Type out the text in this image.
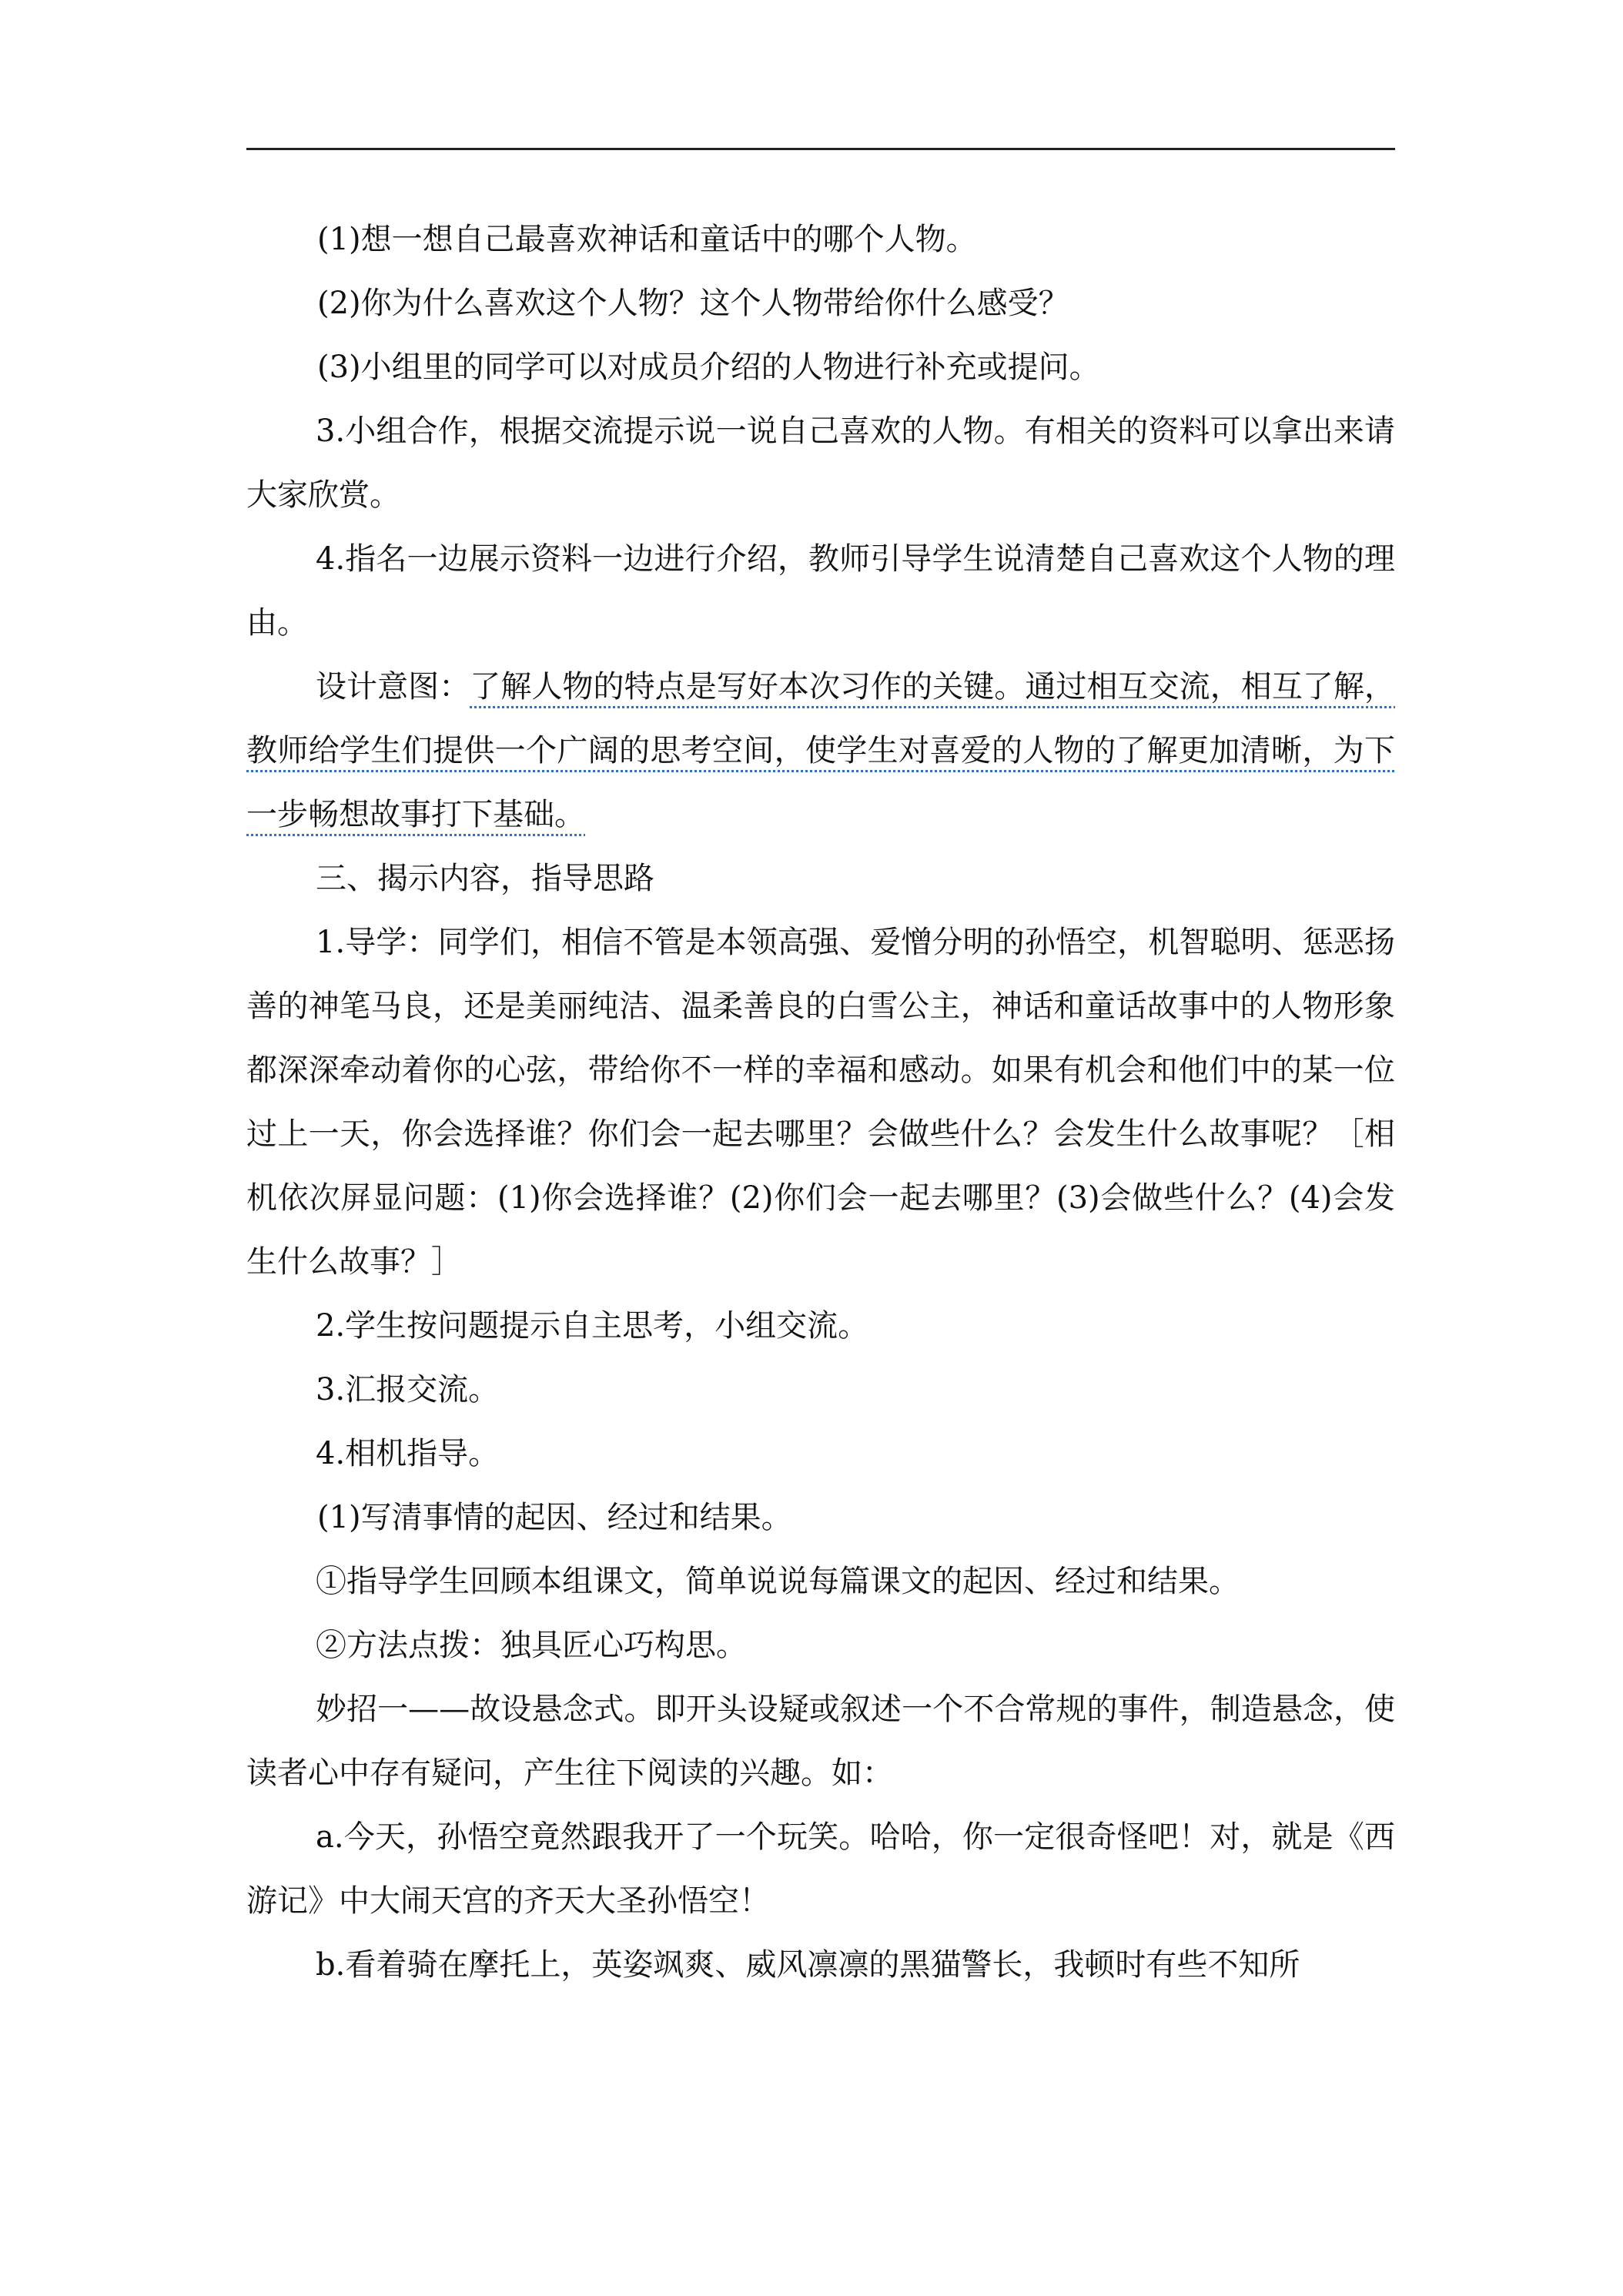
(1)想一想自己最喜欢神话和童话中的哪个人物。

(2)你为什么喜欢这个人物？这个人物带给你什么感受？

(3)小组里的同学可以对成员介绍的人物进行补充或提问。

3.小组合作，根据交流提示说一说自己喜欢的人物。有相关的资料可以拿出来请大家欣赏。

4.指名一边展示资料一边进行介绍，教师引导学生说清楚自己喜欢这个人物的理由。

设计意图：了解人物的特点是写好本次习作的关键。通过相互交流，相互了解，教师给学生们提供一个广阔的思考空间，使学生对喜爱的人物的了解更加清晰，为下一步畅想故事打下基础。

三、揭示内容，指导思路

1.导学：同学们，相信不管是本领高强、爱憎分明的孙悟空，机智聪明、惩恶扬善的神笔马良，还是美丽纯洁、温柔善良的白雪公主，神话和童话故事中的人物形象都深深牵动着你的心弦，带给你不一样的幸福和感动。如果有机会和他们中的某一位过上一天，你会选择谁？你们会一起去哪里？会做些什么？会发生什么故事呢？［相机依次屏显问题：(1)你会选择谁？(2)你们会一起去哪里？(3)会做些什么？(4)会发生什么故事？］

2.学生按问题提示自主思考，小组交流。

3.汇报交流。

4.相机指导。

(1)写清事情的起因、经过和结果。

①指导学生回顾本组课文，简单说说每篇课文的起因、经过和结果。

②方法点拨：独具匠心巧构思。

妙招一——故设悬念式。即开头设疑或叙述一个不合常规的事件，制造悬念，使读者心中存有疑问，产生往下阅读的兴趣。如：

a.今天，孙悟空竟然跟我开了一个玩笑。哈哈，你一定很奇怪吧！对，就是《西游记》中大闹天宫的齐天大圣孙悟空！

b.看着骑在摩托上，英姿飒爽、威风凛凛的黑猫警长，我顿时有些不知所
